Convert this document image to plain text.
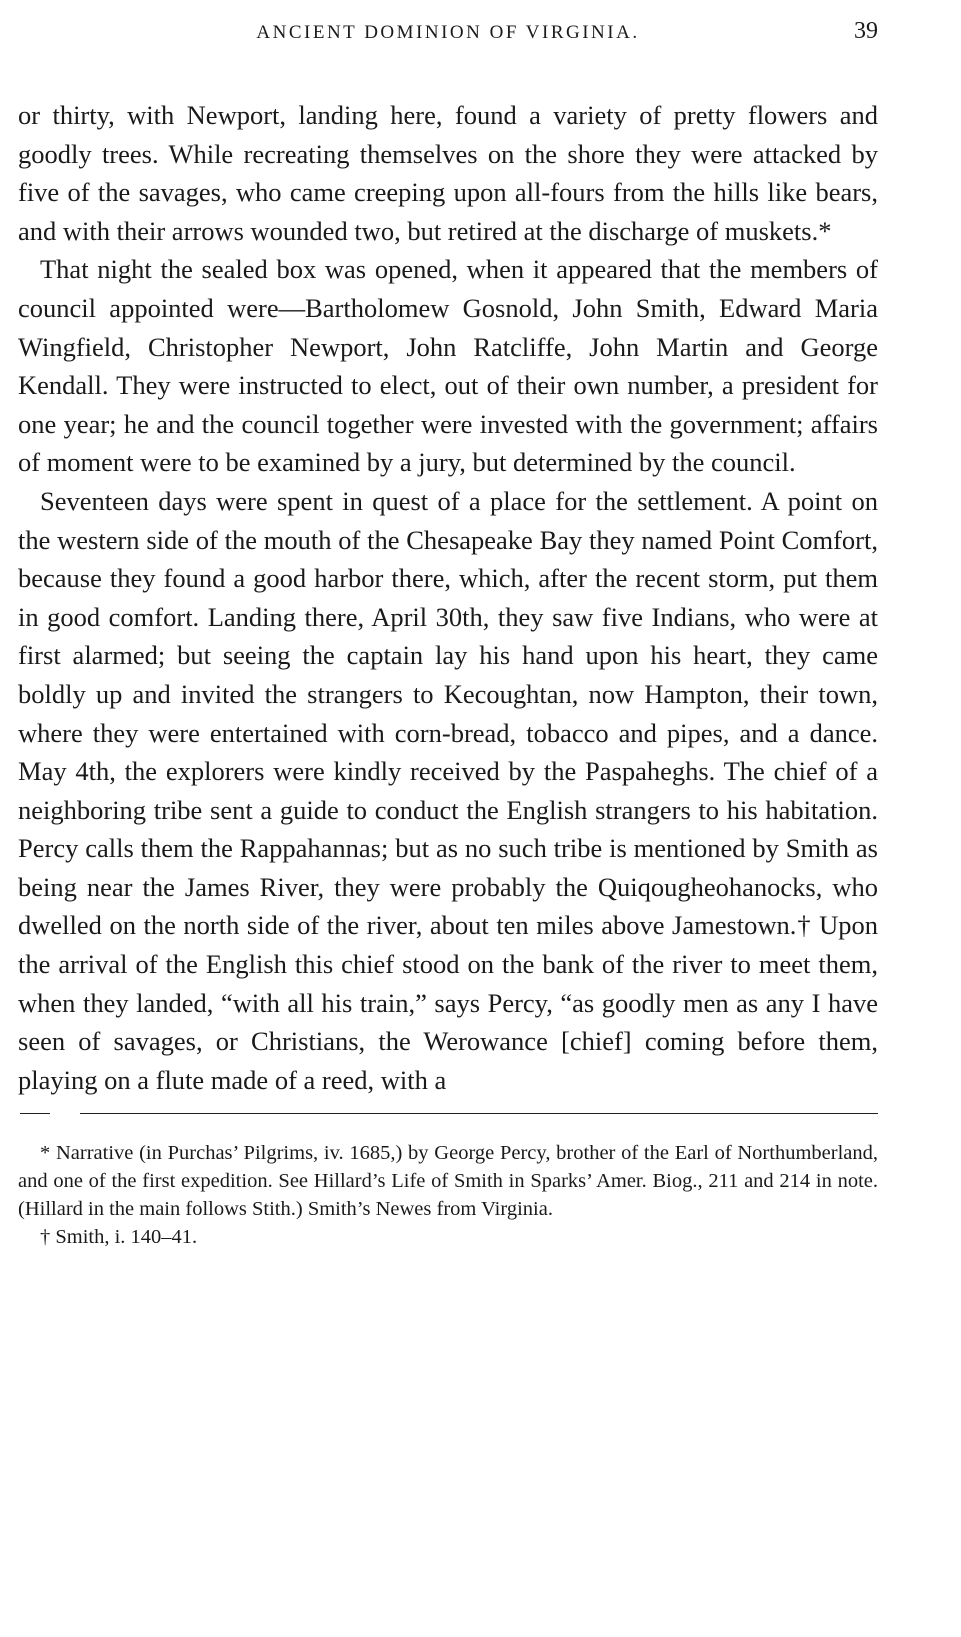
ANCIENT DOMINION OF VIRGINIA.	39

or thirty, with Newport, landing here, found a variety of pretty flowers and goodly trees. While recreating themselves on the shore they were attacked by five of the savages, who came creeping upon all-fours from the hills like bears, and with their arrows wounded two, but retired at the discharge of muskets.*

That night the sealed box was opened, when it appeared that the members of council appointed were—Bartholomew Gosnold, John Smith, Edward Maria Wingfield, Christopher Newport, John Ratcliffe, John Martin and George Kendall. They were instructed to elect, out of their own number, a president for one year; he and the council together were invested with the government; affairs of moment were to be examined by a jury, but determined by the council.

Seventeen days were spent in quest of a place for the settlement. A point on the western side of the mouth of the Chesapeake Bay they named Point Comfort, because they found a good harbor there, which, after the recent storm, put them in good comfort. Landing there, April 30th, they saw five Indians, who were at first alarmed; but seeing the captain lay his hand upon his heart, they came boldly up and invited the strangers to Kecoughtan, now Hampton, their town, where they were entertained with corn-bread, tobacco and pipes, and a dance. May 4th, the explorers were kindly received by the Paspaheghs. The chief of a neighboring tribe sent a guide to conduct the English strangers to his habitation. Percy calls them the Rappahannas; but as no such tribe is mentioned by Smith as being near the James River, they were probably the Quiqougheohanocks, who dwelled on the north side of the river, about ten miles above Jamestown.† Upon the arrival of the English this chief stood on the bank of the river to meet them, when they landed, “with all his train,” says Percy, “as goodly men as any I have seen of savages, or Christians, the Werowance [chief] coming before them, playing on a flute made of a reed, with a

* Narrative (in Purchas’ Pilgrims, iv. 1685,) by George Percy, brother of the Earl of Northumberland, and one of the first expedition. See Hillard’s Life of Smith in Sparks’ Amer. Biog., 211 and 214 in note. (Hillard in the main follows Stith.) Smith’s Newes from Virginia.

† Smith, i. 140–41.
